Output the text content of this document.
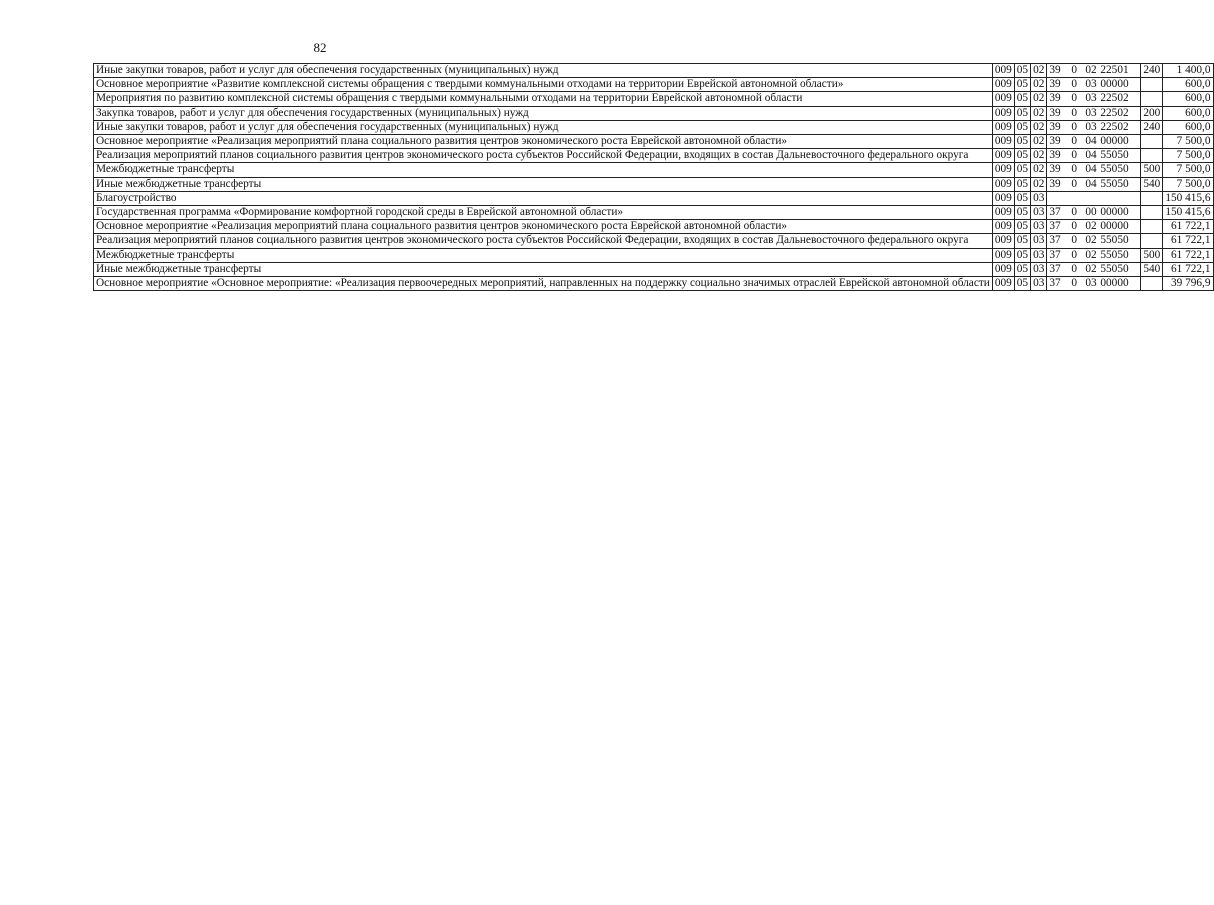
82
Иные закупки товаров, работ и услуг для обеспечения государственных (муниципальных) нужд	009	05	02	39 0 02 22501	240	1 400,0
Основное мероприятие «Развитие комплексной системы обращения с твердыми коммунальными отходами на территории Еврейской автономной области»	009	05	02	39 0 03 00000		600,0
Мероприятия по развитию комплексной системы обращения с твердыми коммунальными отходами на территории Еврейской автономной области	009	05	02	39 0 03 22502		600,0
Закупка товаров, работ и услуг для обеспечения государственных (муниципальных) нужд	009	05	02	39 0 03 22502	200	600,0
Иные закупки товаров, работ и услуг для обеспечения государственных (муниципальных) нужд	009	05	02	39 0 03 22502	240	600,0
Основное мероприятие «Реализация мероприятий плана социального развития центров экономического роста Еврейской автономной области»	009	05	02	39 0 04 00000		7 500,0
Реализация мероприятий планов социального развития центров экономического роста субъектов Российской Федерации, входящих в состав Дальневосточного федерального округа	009	05	02	39 0 04 55050		7 500,0
Межбюджетные трансферты	009	05	02	39 0 04 55050	500	7 500,0
Иные межбюджетные трансферты	009	05	02	39 0 04 55050	540	7 500,0
Благоустройство	009	05	03			150 415,6
Государственная программа «Формирование комфортной городской среды в Еврейской автономной области»	009	05	03	37 0 00 00000		150 415,6
Основное мероприятие «Реализация мероприятий плана социального развития центров экономического роста Еврейской автономной области»	009	05	03	37 0 02 00000		61 722,1
Реализация мероприятий планов социального развития центров экономического роста субъектов Российской Федерации, входящих в состав Дальневосточного федерального округа	009	05	03	37 0 02 55050		61 722,1
Межбюджетные трансферты	009	05	03	37 0 02 55050	500	61 722,1
Иные межбюджетные трансферты	009	05	03	37 0 02 55050	540	61 722,1
Основное мероприятие «Основное мероприятие: «Реализация первоочередных мероприятий, направленных на поддержку социально значимых отраслей Еврейской автономной области	009	05	03	37 0 03 00000		39 796,9
